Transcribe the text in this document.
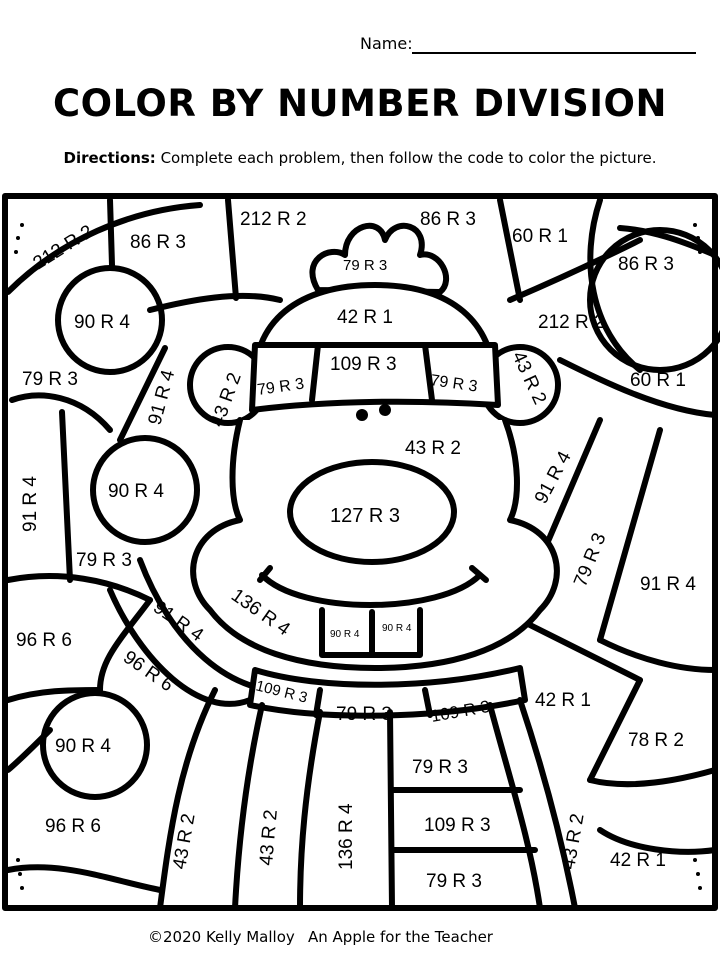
Name:
COLOR BY NUMBER DIVISION
Directions: Complete each problem, then follow the code to color the picture.
212 R 2 86 R 3
212 R 2	86 R 3
60 R 1
86 R 3
79 R 3
90 R 4	42 R 1	212 R 2
109 R 3
79 R 3	79 R 3
43 R 2	43 R 2
79 R 3	91 R 4	60 R 1
43 R 2
91 R 4	91 R 4
90 R 4
127 R 3
79 R 3	79 R 3 91 R 4
96 R 6	91 R 4 136 R 4	90 R 4
90 R 4
96 R 6	109 R 3
79 R 3 109 R 3 42 R 1
90 R 4	78 R 2
79 R 3
96 R 6	43 R 2	43 R 2	136 R 4	109 R 3	43 R 2 42 R 1
79 R 3
©2020 Kelly Malloy An Apple for the Teacher
